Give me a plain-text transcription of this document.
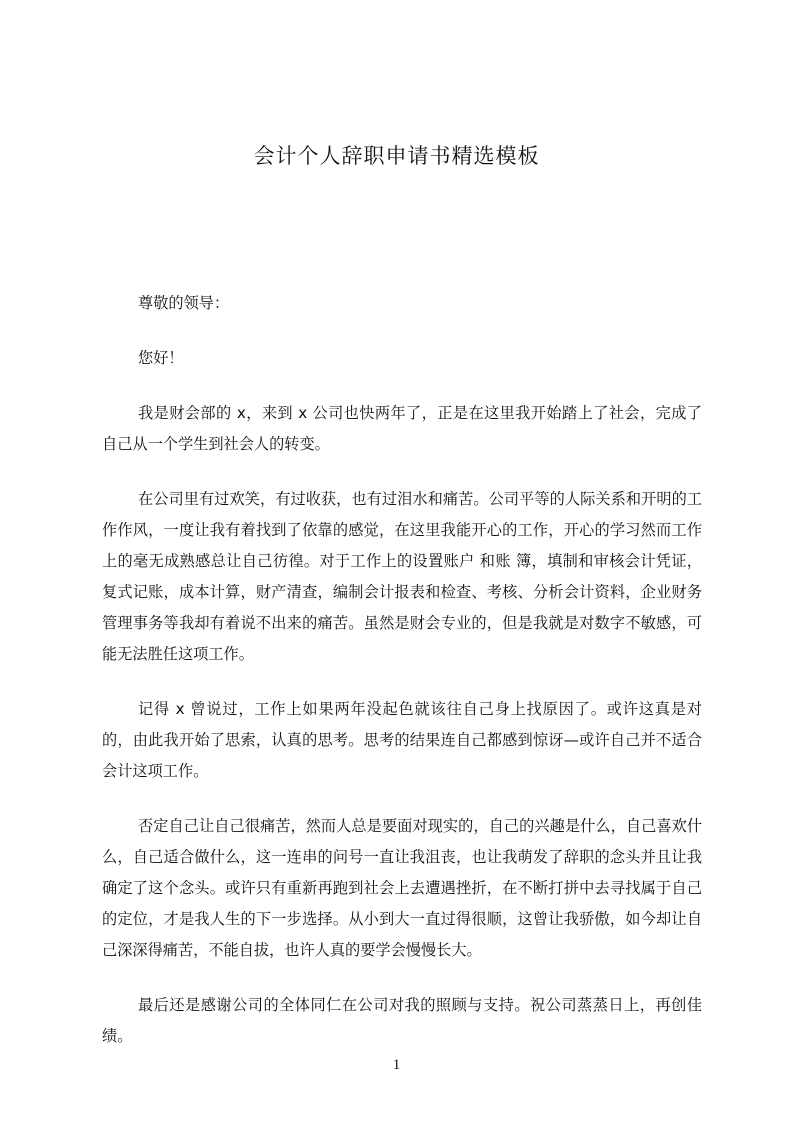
会计个人辞职申请书精选模板

尊敬的领导：

您好！

我是财会部的 x，来到 x 公司也快两年了，正是在这里我开始踏上了社会，完成了自己从一个学生到社会人的转变。

在公司里有过欢笑，有过收获，也有过泪水和痛苦。公司平等的人际关系和开明的工作作风，一度让我有着找到了依靠的感觉，在这里我能开心的工作，开心的学习然而工作上的毫无成熟感总让自己彷徨。对于工作上的设置账户 和账 簿，填制和审核会计凭证，复式记账，成本计算，财产清查，编制会计报表和检查、考核、分析会计资料，企业财务管理事务等我却有着说不出来的痛苦。虽然是财会专业的，但是我就是对数字不敏感，可能无法胜任这项工作。

记得 x 曾说过，工作上如果两年没起色就该往自己身上找原因了。或许这真是对的，由此我开始了思索，认真的思考。思考的结果连自己都感到惊讶—或许自己并不适合会计这项工作。

否定自己让自己很痛苦，然而人总是要面对现实的，自己的兴趣是什么，自己喜欢什么，自己适合做什么，这一连串的问号一直让我沮丧，也让我萌发了辞职的念头并且让我确定了这个念头。或许只有重新再跑到社会上去遭遇挫折，在不断打拼中去寻找属于自己的定位，才是我人生的下一步选择。从小到大一直过得很顺，这曾让我骄傲，如今却让自己深深得痛苦，不能自拔，也许人真的要学会慢慢长大。

最后还是感谢公司的全体同仁在公司对我的照顾与支持。祝公司蒸蒸日上，再创佳绩。

1
